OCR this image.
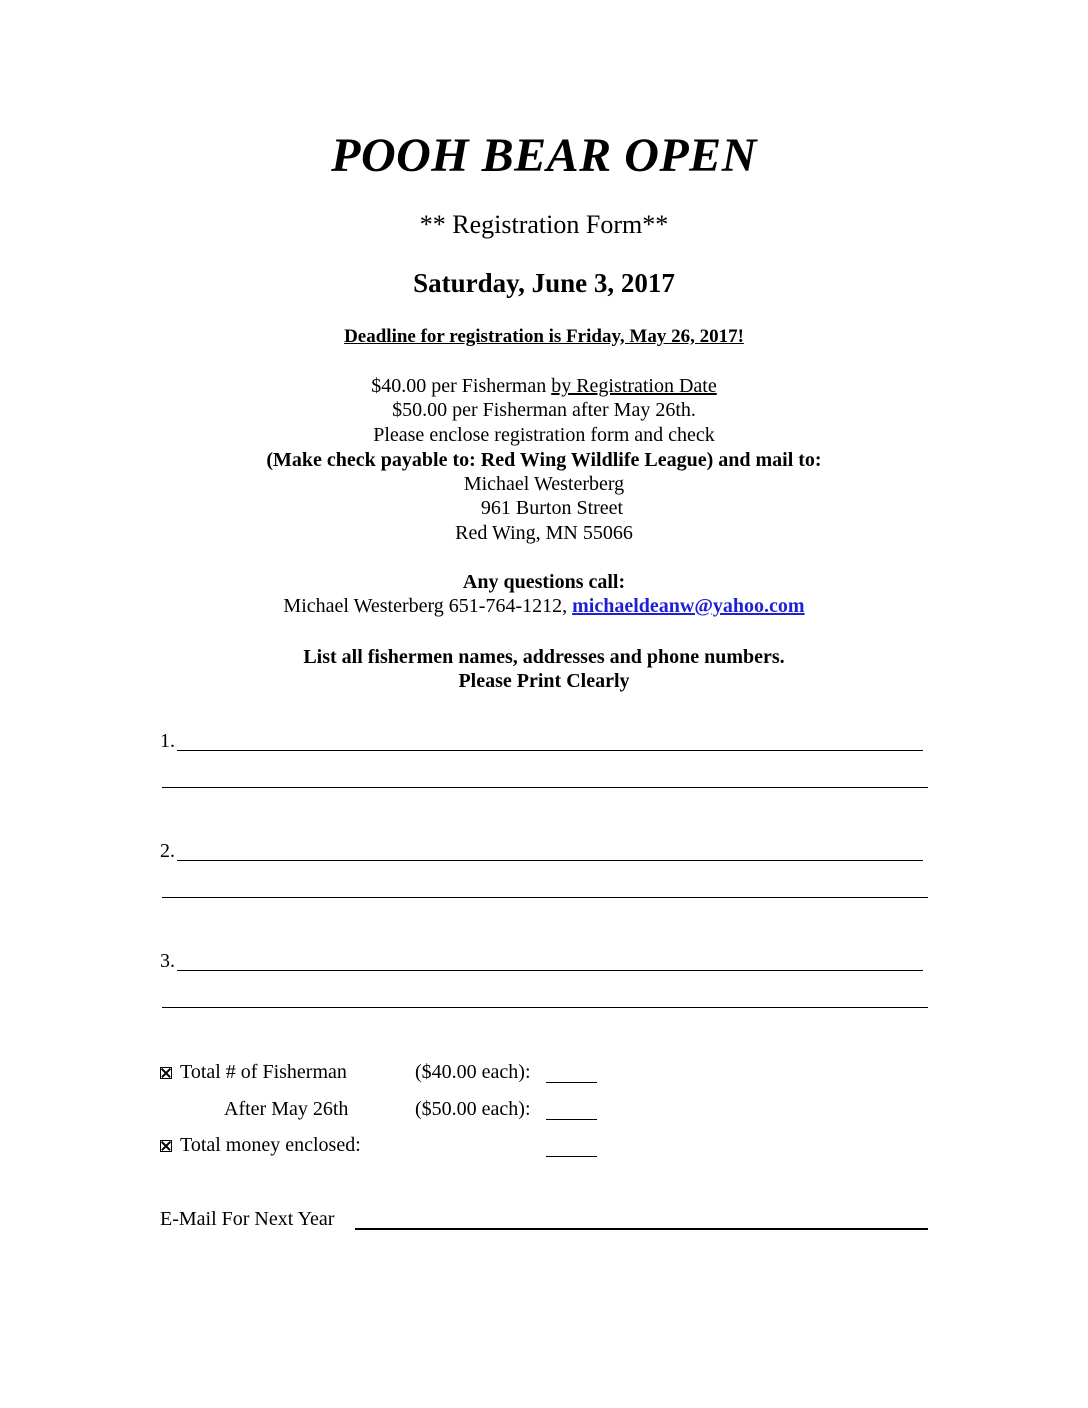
POOH BEAR OPEN
** Registration Form**
Saturday, June 3, 2017
Deadline for registration is Friday, May 26, 2017!
$40.00 per Fisherman by Registration Date
$50.00 per Fisherman after May 26th.
Please enclose registration form and check
(Make check payable to: Red Wing Wildlife League) and mail to:
Michael Westerberg
961 Burton Street
Red Wing, MN 55066
Any questions call:
Michael Westerberg 651-764-1212, michaeldeanw@yahoo.com
List all fishermen names, addresses and phone numbers.
Please Print Clearly
1.
2.
3.
Total # of Fisherman	($40.00 each):
After May 26th	($50.00 each):
Total money enclosed:
E-Mail For Next Year
